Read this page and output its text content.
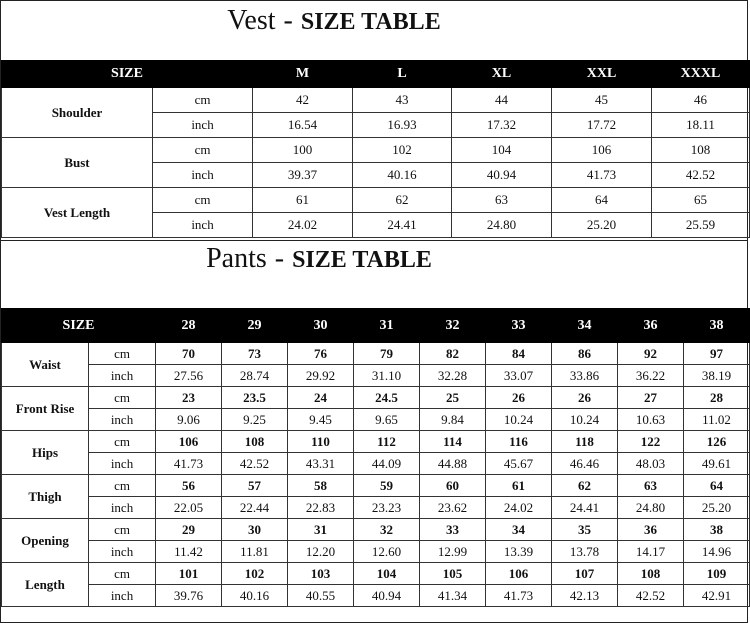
Vest - SIZE TABLE
SIZE		M	L	XL	XXL	XXXL
Shoulder	cm	42	43	44	45	46
	inch	16.54	16.93	17.32	17.72	18.11
Bust	cm	100	102	104	106	108
	inch	39.37	40.16	40.94	41.73	42.52
Vest Length	cm	61	62	63	64	65
	inch	24.02	24.41	24.80	25.20	25.59
Pants - SIZE TABLE
SIZE		28	29	30	31	32	33	34	36	38
Waist	cm	70	73	76	79	82	84	86	92	97
	inch	27.56	28.74	29.92	31.10	32.28	33.07	33.86	36.22	38.19
Front Rise	cm	23	23.5	24	24.5	25	26	26	27	28
	inch	9.06	9.25	9.45	9.65	9.84	10.24	10.24	10.63	11.02
Hips	cm	106	108	110	112	114	116	118	122	126
	inch	41.73	42.52	43.31	44.09	44.88	45.67	46.46	48.03	49.61
Thigh	cm	56	57	58	59	60	61	62	63	64
	inch	22.05	22.44	22.83	23.23	23.62	24.02	24.41	24.80	25.20
Opening	cm	29	30	31	32	33	34	35	36	38
	inch	11.42	11.81	12.20	12.60	12.99	13.39	13.78	14.17	14.96
Length	cm	101	102	103	104	105	106	107	108	109
	inch	39.76	40.16	40.55	40.94	41.34	41.73	42.13	42.52	42.91
